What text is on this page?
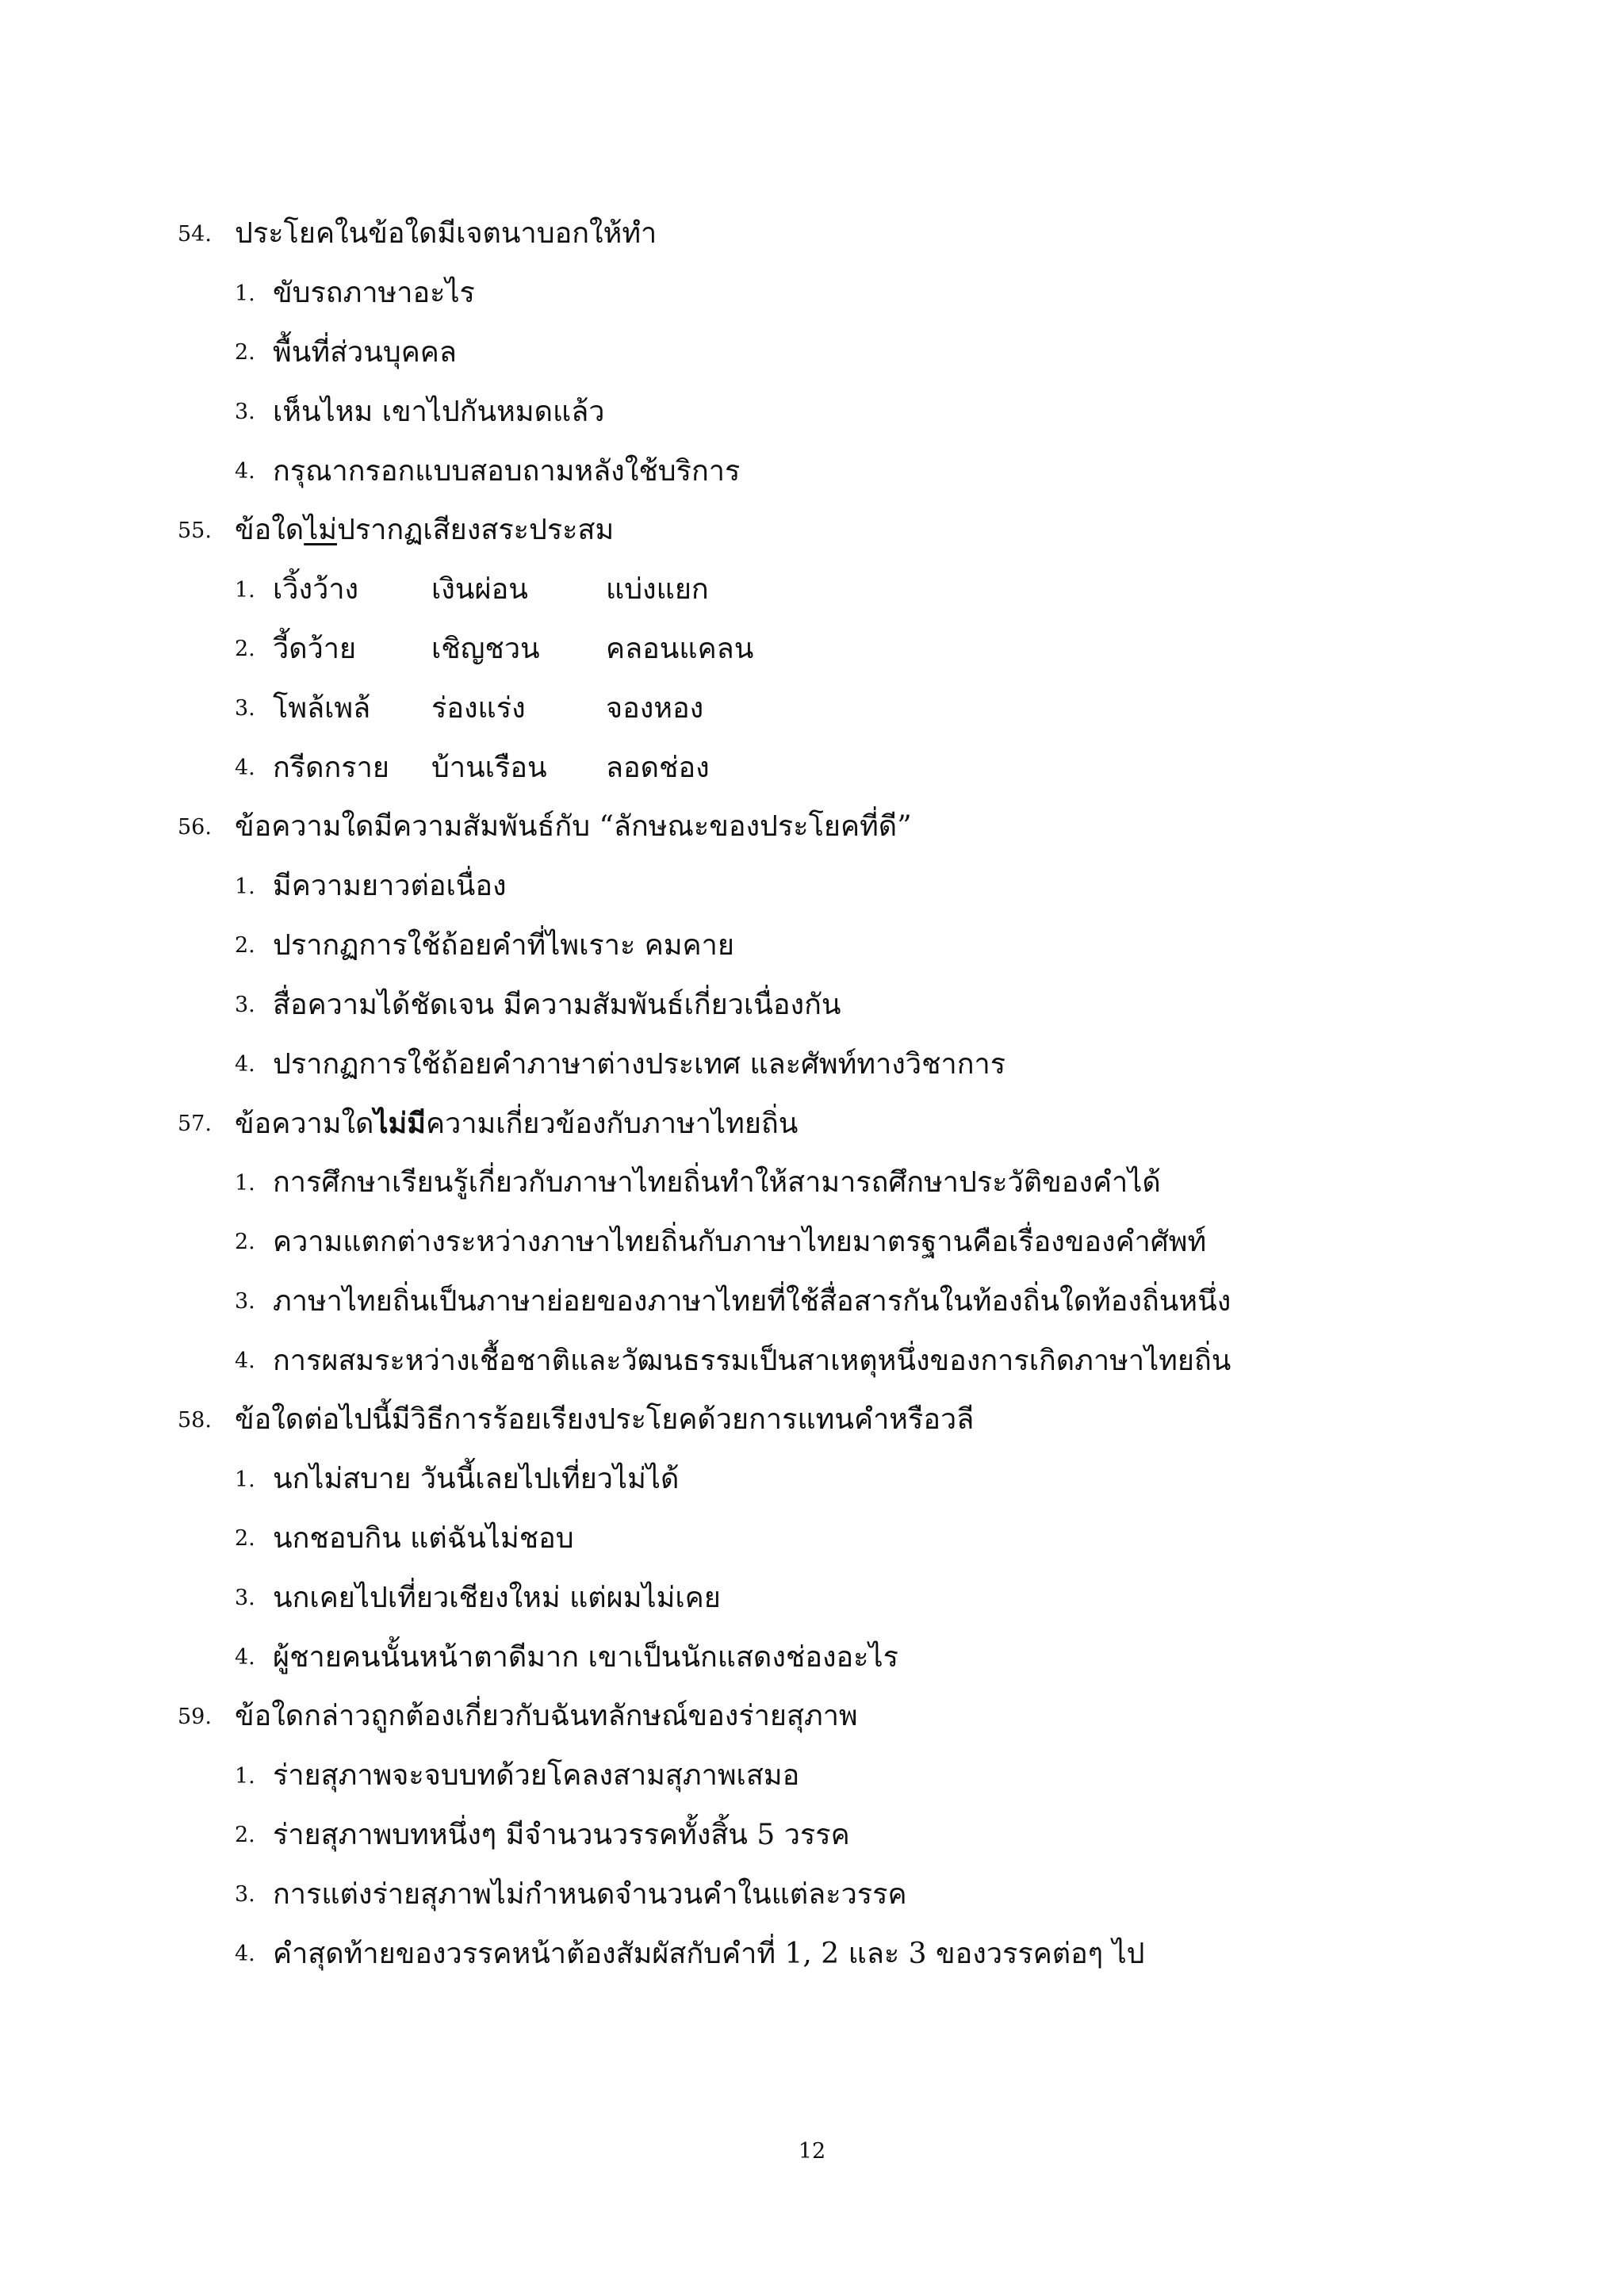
54. ประโยคในข้อใดมีเจตนาบอกให้ทำ
1. ขับรถภาษาอะไร
2. พื้นที่ส่วนบุคคล
3. เห็นไหม เขาไปกันหมดแล้ว
4. กรุณากรอกแบบสอบถามหลังใช้บริการ
55. ข้อใดไม่ปรากฏเสียงสระประสม
1. เวิ้งว้าง	เงินผ่อน	แบ่งแยก
2. วี้ดว้าย	เชิญชวน	คลอนแคลน
3. โพล้เพล้	ร่องแร่ง	จองหอง
4. กรีดกราย	บ้านเรือน	ลอดช่อง
56. ข้อความใดมีความสัมพันธ์กับ “ลักษณะของประโยคที่ดี”
1. มีความยาวต่อเนื่อง
2. ปรากฏการใช้ถ้อยคำที่ไพเราะ คมคาย
3. สื่อความได้ชัดเจน มีความสัมพันธ์เกี่ยวเนื่องกัน
4. ปรากฏการใช้ถ้อยคำภาษาต่างประเทศ และศัพท์ทางวิชาการ
57. ข้อความใดไม่มีความเกี่ยวข้องกับภาษาไทยถิ่น
1. การศึกษาเรียนรู้เกี่ยวกับภาษาไทยถิ่นทำให้สามารถศึกษาประวัติของคำได้
2. ความแตกต่างระหว่างภาษาไทยถิ่นกับภาษาไทยมาตรฐานคือเรื่องของคำศัพท์
3. ภาษาไทยถิ่นเป็นภาษาย่อยของภาษาไทยที่ใช้สื่อสารกันในท้องถิ่นใดท้องถิ่นหนึ่ง
4. การผสมระหว่างเชื้อชาติและวัฒนธรรมเป็นสาเหตุหนึ่งของการเกิดภาษาไทยถิ่น
58. ข้อใดต่อไปนี้มีวิธีการร้อยเรียงประโยคด้วยการแทนคำหรือวลี
1. นกไม่สบาย วันนี้เลยไปเที่ยวไม่ได้
2. นกชอบกิน แต่ฉันไม่ชอบ
3. นกเคยไปเที่ยวเชียงใหม่ แต่ผมไม่เคย
4. ผู้ชายคนนั้นหน้าตาดีมาก เขาเป็นนักแสดงช่องอะไร
59. ข้อใดกล่าวถูกต้องเกี่ยวกับฉันทลักษณ์ของร่ายสุภาพ
1. ร่ายสุภาพจะจบบทด้วยโคลงสามสุภาพเสมอ
2. ร่ายสุภาพบทหนึ่งๆ มีจำนวนวรรคทั้งสิ้น 5 วรรค
3. การแต่งร่ายสุภาพไม่กำหนดจำนวนคำในแต่ละวรรค
4. คำสุดท้ายของวรรคหน้าต้องสัมผัสกับคำที่ 1, 2 และ 3 ของวรรคต่อๆ ไป
12
